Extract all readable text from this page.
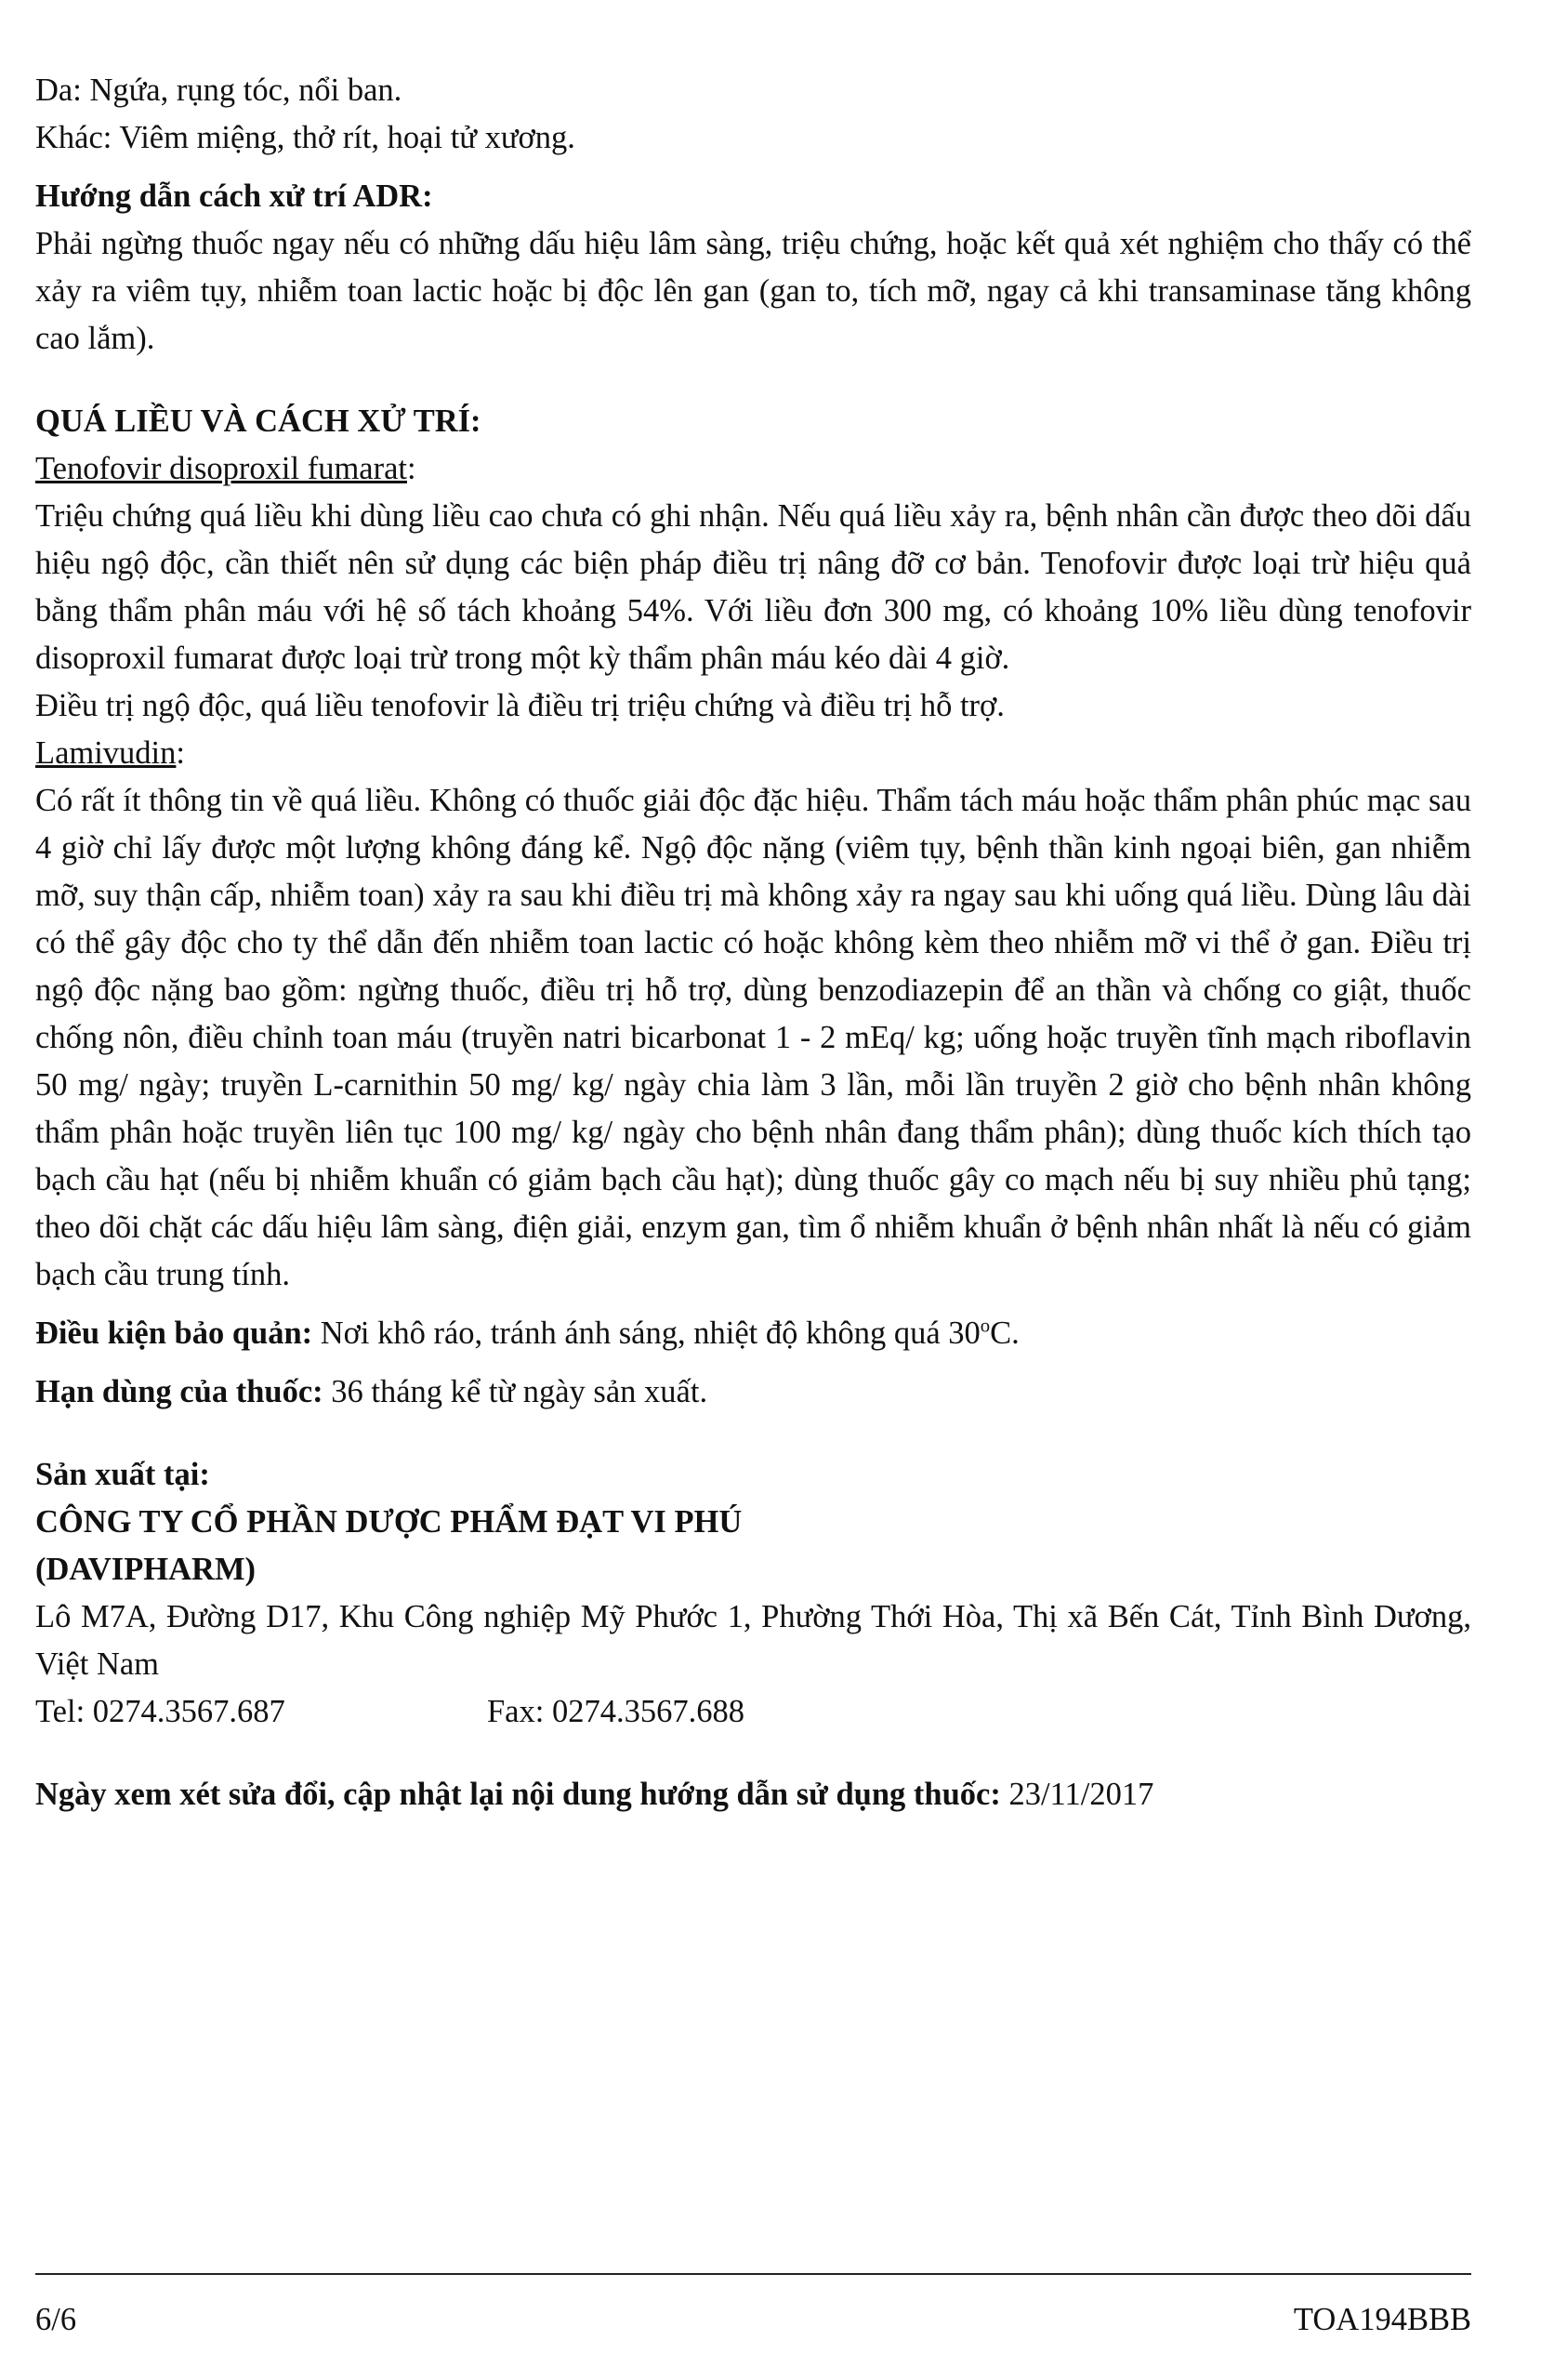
Da: Ngứa, rụng tóc, nổi ban.

Khác: Viêm miệng, thở rít, hoại tử xương.

Hướng dẫn cách xử trí ADR:

Phải ngừng thuốc ngay nếu có những dấu hiệu lâm sàng, triệu chứng, hoặc kết quả xét nghiệm cho thấy có thể xảy ra viêm tụy, nhiễm toan lactic hoặc bị độc lên gan (gan to, tích mỡ, ngay cả khi transaminase tăng không cao lắm).

QUÁ LIỀU VÀ CÁCH XỬ TRÍ:

Tenofovir disoproxil fumarat:

Triệu chứng quá liều khi dùng liều cao chưa có ghi nhận. Nếu quá liều xảy ra, bệnh nhân cần được theo dõi dấu hiệu ngộ độc, cần thiết nên sử dụng các biện pháp điều trị nâng đỡ cơ bản. Tenofovir được loại trừ hiệu quả bằng thẩm phân máu với hệ số tách khoảng 54%. Với liều đơn 300 mg, có khoảng 10% liều dùng tenofovir disoproxil fumarat được loại trừ trong một kỳ thẩm phân máu kéo dài 4 giờ.

Điều trị ngộ độc, quá liều tenofovir là điều trị triệu chứng và điều trị hỗ trợ.

Lamivudin:

Có rất ít thông tin về quá liều. Không có thuốc giải độc đặc hiệu. Thẩm tách máu hoặc thẩm phân phúc mạc sau 4 giờ chỉ lấy được một lượng không đáng kể. Ngộ độc nặng (viêm tụy, bệnh thần kinh ngoại biên, gan nhiễm mỡ, suy thận cấp, nhiễm toan) xảy ra sau khi điều trị mà không xảy ra ngay sau khi uống quá liều. Dùng lâu dài có thể gây độc cho ty thể dẫn đến nhiễm toan lactic có hoặc không kèm theo nhiễm mỡ vi thể ở gan. Điều trị ngộ độc nặng bao gồm: ngừng thuốc, điều trị hỗ trợ, dùng benzodiazepin để an thần và chống co giật, thuốc chống nôn, điều chỉnh toan máu (truyền natri bicarbonat 1 - 2 mEq/ kg; uống hoặc truyền tĩnh mạch riboflavin 50 mg/ ngày; truyền L-carnithin 50 mg/ kg/ ngày chia làm 3 lần, mỗi lần truyền 2 giờ cho bệnh nhân không thẩm phân hoặc truyền liên tục 100 mg/ kg/ ngày cho bệnh nhân đang thẩm phân); dùng thuốc kích thích tạo bạch cầu hạt (nếu bị nhiễm khuẩn có giảm bạch cầu hạt); dùng thuốc gây co mạch nếu bị suy nhiều phủ tạng; theo dõi chặt các dấu hiệu lâm sàng, điện giải, enzym gan, tìm ổ nhiễm khuẩn ở bệnh nhân nhất là nếu có giảm bạch cầu trung tính.

Điều kiện bảo quản: Nơi khô ráo, tránh ánh sáng, nhiệt độ không quá 30$^o$C.

Hạn dùng của thuốc: 36 tháng kể từ ngày sản xuất.

Sản xuất tại:

CÔNG TY CỔ PHẦN DƯỢC PHẨM ĐẠT VI PHÚ

(DAVIPHARM)

Lô M7A, Đường D17, Khu Công nghiệp Mỹ Phước 1, Phường Thới Hòa, Thị xã Bến Cát, Tỉnh Bình Dương, Việt Nam

Tel: 0274.3567.687	Fax: 0274.3567.688

Ngày xem xét sửa đổi, cập nhật lại nội dung hướng dẫn sử dụng thuốc: 23/11/2017

6/6	TOA194BBB
